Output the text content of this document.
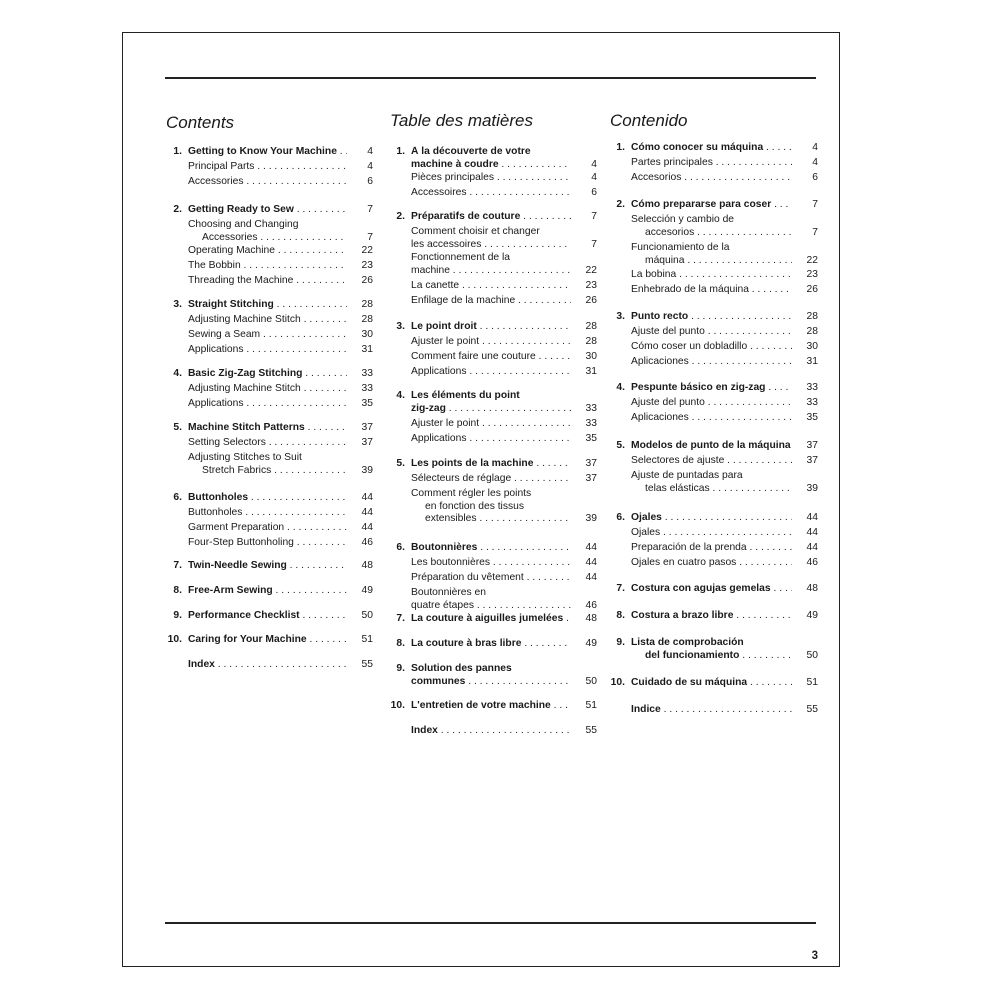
Contents
1. Getting to Know Your Machine . . .	4
Principal Parts . . .	4
Accessories . . .	6
2. Getting Ready to Sew . . .	7
Choosing and Changing
Accessories . . .	7
Operating Machine . . .	22
The Bobbin . . .	23
Threading the Machine . . .	26
3. Straight Stitching . . .	28
Adjusting Machine Stitch . . .	28
Sewing a Seam . . .	30
Applications . . .	31
4. Basic Zig-Zag Stitching . . .	33
Adjusting Machine Stitch . . .	33
Applications . . .	35
5. Machine Stitch Patterns . . .	37
Setting Selectors . . .	37
Adjusting Stitches to Suit
Stretch Fabrics . . .	39
6. Buttonholes . . .	44
Buttonholes . . .	44
Garment Preparation . . .	44
Four-Step Buttonholing . . .	46
7. Twin-Needle Sewing . . .	48
8. Free-Arm Sewing . . .	49
9. Performance Checklist . . .	50
10. Caring for Your Machine . . .	51
Index . . .	55
Table des matières
1. À la découverte de votre
machine à coudre . . .	4
Pièces principales . . .	4
Accessoires . . .	6
2. Préparatifs de couture . . .	7
Comment choisir et changer
les accessoires . . .	7
Fonctionnement de la
machine . . .	22
La canette . . .	23
Enfilage de la machine . . .	26
3. Le point droit . . .	28
Ajuster le point . . .	28
Comment faire une couture . . .	30
Applications . . .	31
4. Les éléments du point
zig-zag . . .	33
Ajuster le point . . .	33
Applications . . .	35
5. Les points de la machine . . .	37
Sélecteurs de réglage . . .	37
Comment régler les points
en fonction des tissus
extensibles . . .	39
6. Boutonnières . . .	44
Les boutonnières . . .	44
Préparation du vêtement . . .	44
Boutonnières en
quatre étapes . . .	46
7. La couture à aiguilles jumelées . . .	48
8. La couture à bras libre . . .	49
9. Solution des pannes
communes . . .	50
10. L'entretien de votre machine . . .	51
Index . . .	55
Contenido
1. Cómo conocer su máquina . . .	4
Partes principales . . .	4
Accesorios . . .	6
2. Cómo prepararse para coser . . .	7
Selección y cambio de
accesorios . . .	7
Funcionamiento de la
máquina . . .	22
La bobina . . .	23
Enhebrado de la máquina . . .	26
3. Punto recto . . .	28
Ajuste del punto . . .	28
Cómo coser un dobladillo . . .	30
Aplicaciones . . .	31
4. Pespunte básico en zig-zag . . .	33
Ajuste del punto . . .	33
Aplicaciones . . .	35
5. Modelos de punto de la máquina . . .	37
Selectores de ajuste . . .	37
Ajuste de puntadas para
telas elásticas . . .	39
6. Ojales . . .	44
Ojales . . .	44
Preparación de la prenda . . .	44
Ojales en cuatro pasos . . .	46
7. Costura con agujas gemelas . . .	48
8. Costura a brazo libre . . .	49
9. Lista de comprobación
del funcionamiento . . .	50
10. Cuidado de su máquina . . .	51
Indice . . .	55
3
